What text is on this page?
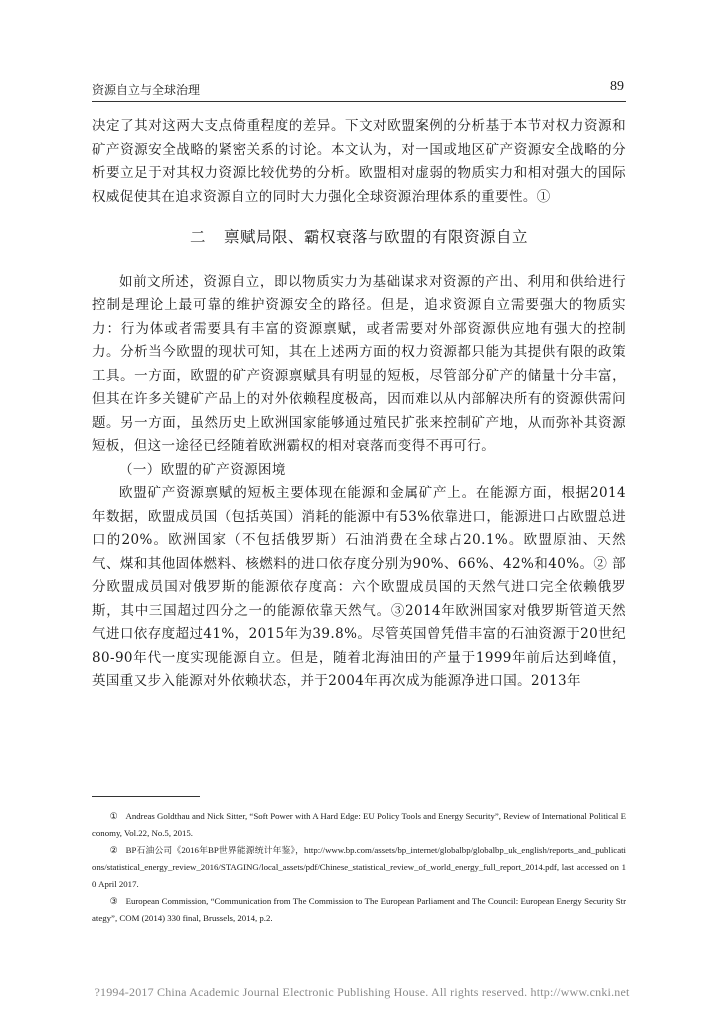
资源自立与全球治理	89

决定了其对这两大支点倚重程度的差异。下文对欧盟案例的分析基于本节对权力资源和矿产资源安全战略的紧密关系的讨论。本文认为，对一国或地区矿产资源安全战略的分析要立足于对其权力资源比较优势的分析。欧盟相对虚弱的物质实力和相对强大的国际权威促使其在追求资源自立的同时大力强化全球资源治理体系的重要性。①

二 禀赋局限、霸权衰落与欧盟的有限资源自立

如前文所述，资源自立，即以物质实力为基础谋求对资源的产出、利用和供给进行控制是理论上最可靠的维护资源安全的路径。但是，追求资源自立需要强大的物质实力：行为体或者需要具有丰富的资源禀赋，或者需要对外部资源供应地有强大的控制力。分析当今欧盟的现状可知，其在上述两方面的权力资源都只能为其提供有限的政策工具。一方面，欧盟的矿产资源禀赋具有明显的短板，尽管部分矿产的储量十分丰富，但其在许多关键矿产品上的对外依赖程度极高，因而难以从内部解决所有的资源供需问题。另一方面，虽然历史上欧洲国家能够通过殖民扩张来控制矿产地，从而弥补其资源短板，但这一途径已经随着欧洲霸权的相对衰落而变得不再可行。

（一）欧盟的矿产资源困境

欧盟矿产资源禀赋的短板主要体现在能源和金属矿产上。在能源方面，根据2014年数据，欧盟成员国（包括英国）消耗的能源中有53%依靠进口，能源进口占欧盟总进口的20%。欧洲国家（不包括俄罗斯）石油消费在全球占20.1%。欧盟原油、天然气、煤和其他固体燃料、核燃料的进口依存度分别为90%、66%、42%和40%。② 部分欧盟成员国对俄罗斯的能源依存度高：六个欧盟成员国的天然气进口完全依赖俄罗斯，其中三国超过四分之一的能源依靠天然气。③2014年欧洲国家对俄罗斯管道天然气进口依存度超过41%，2015年为39.8%。尽管英国曾凭借丰富的石油资源于20世纪80-90年代一度实现能源自立。但是，随着北海油田的产量于1999年前后达到峰值，英国重又步入能源对外依赖状态，并于2004年再次成为能源净进口国。2013年

① Andreas Goldthau and Nick Sitter, “Soft Power with A Hard Edge: EU Policy Tools and Energy Security”, Review of International Political Economy, Vol.22, No.5, 2015.

② BP石油公司《2016年BP世界能源统计年鉴》，http://www.bp.com/assets/bp_internet/globalbp/globalbp_uk_english/reports_and_publications/statistical_energy_review_2016/STAGING/local_assets/pdf/Chinese_statistical_review_of_world_energy_full_report_2014.pdf, last accessed on 10 April 2017.

③ European Commission, “Communication from The Commission to The European Parliament and The Council: European Energy Security Strategy”, COM (2014) 330 final, Brussels, 2014, p.2.

?1994-2017 China Academic Journal Electronic Publishing House. All rights reserved. http://www.cnki.net
